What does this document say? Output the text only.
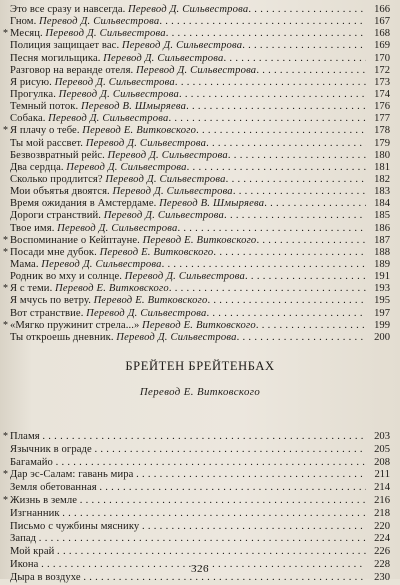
Это все сразу и навсегда. Перевод Д. Сильвестрова . . .	166
Гном. Перевод Д. Сильвестрова . . .	167
* Месяц. Перевод Д. Сильвестрова . . .	168
Полиция защищает вас. Перевод Д. Сильвестрова . . .	169
Песня могильщика. Перевод Д. Сильвестрова . . .	170
Разговор на веранде отеля. Перевод Д. Сильвестрова . . .	172
Я рисую. Перевод Д. Сильвестрова . . .	173
Прогулка. Перевод Д. Сильвестрова . . .	174
Темный поток. Перевод В. Шмыряева . . .	176
Собака. Перевод Д. Сильвестрова . . .	177
* Я плачу о тебе. Перевод Е. Витковского . . .	178
Ты мой рассвет. Перевод Д. Сильвестрова . . .	179
Безвозвратный рейс. Перевод Д. Сильвестрова . . .	180
Два сердца. Перевод Д. Сильвестрова . . .	181
Сколько продлится? Перевод Д. Сильвестрова . . .	182
Мои объятья двоятся. Перевод Д. Сильвестрова . . .	183
Время ожидания в Амстердаме. Перевод В. Шмыряева . . .	184
Дороги странствий. Перевод Д. Сильвестрова . . .	185
Твое имя. Перевод Д. Сильвестрова . . .	186
* Воспоминание о Кейптауне. Перевод Е. Витковского . . .	187
* Посади мне дубок. Перевод Е. Витковского . . .	188
Мама. Перевод Д. Сильвестрова . . .	189
Родник во мху и солнце. Перевод Д. Сильвестрова . . .	191
* Я с теми. Перевод Е. Витковского . . .	193
Я мчусь по ветру. Перевод Е. Витковского . . .	195
Вот странствие. Перевод Д. Сильвестрова . . .	197
* «Мягко пружинит стрела...» Перевод Е. Витковского . . .	199
Ты откроешь дневник. Перевод Д. Сильвестрова . . .	200
БРЕЙТЕН БРЕЙТЕНБАХ
Перевод Е. Витковского
* Пламя . . .	203
Язычник в ограде . . .	205
Багамайо . . .	208
* Дар эс-Салам: гавань мира . . .	211
Земля обетованная . . .	214
* Жизнь в земле . . .	216
Изгнанник . . .	218
Письмо с чужбины мяснику . . .	220
Запад . . .	224
Мой край . . .	226
Икона . . .	228
Дыра в воздухе . . .	230
326
